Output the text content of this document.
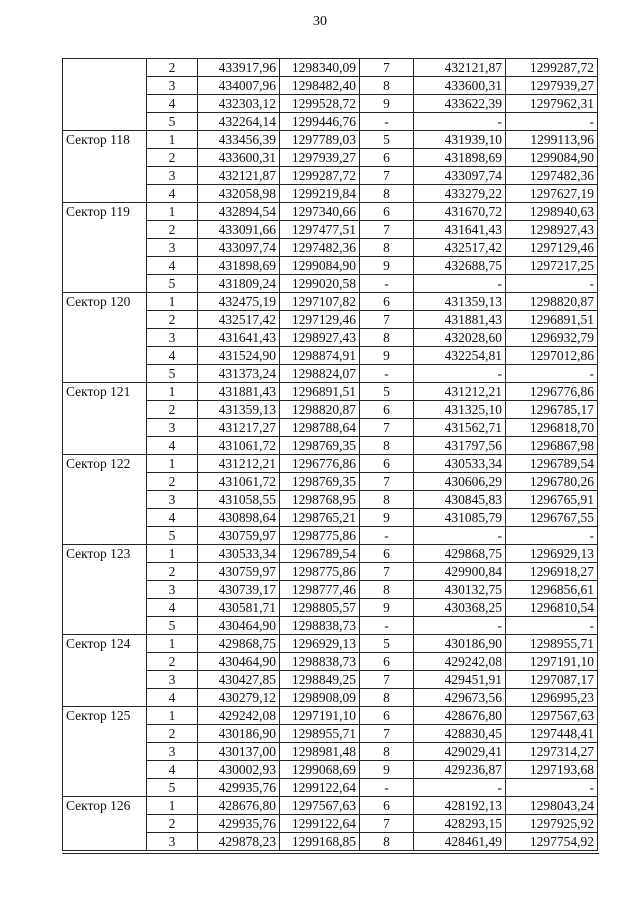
30
	2	433917,96	1298340,09	7	432121,87	1299287,72
	3	434007,96	1298482,40	8	433600,31	1297939,27
	4	432303,12	1299528,72	9	433622,39	1297962,31
	5	432264,14	1299446,76	-	-	-
Сектор 118	1	433456,39	1297789,03	5	431939,10	1299113,96
	2	433600,31	1297939,27	6	431898,69	1299084,90
	3	432121,87	1299287,72	7	433097,74	1297482,36
	4	432058,98	1299219,84	8	433279,22	1297627,19
Сектор 119	1	432894,54	1297340,66	6	431670,72	1298940,63
	2	433091,66	1297477,51	7	431641,43	1298927,43
	3	433097,74	1297482,36	8	432517,42	1297129,46
	4	431898,69	1299084,90	9	432688,75	1297217,25
	5	431809,24	1299020,58	-	-	-
Сектор 120	1	432475,19	1297107,82	6	431359,13	1298820,87
	2	432517,42	1297129,46	7	431881,43	1296891,51
	3	431641,43	1298927,43	8	432028,60	1296932,79
	4	431524,90	1298874,91	9	432254,81	1297012,86
	5	431373,24	1298824,07	-	-	-
Сектор 121	1	431881,43	1296891,51	5	431212,21	1296776,86
	2	431359,13	1298820,87	6	431325,10	1296785,17
	3	431217,27	1298788,64	7	431562,71	1296818,70
	4	431061,72	1298769,35	8	431797,56	1296867,98
Сектор 122	1	431212,21	1296776,86	6	430533,34	1296789,54
	2	431061,72	1298769,35	7	430606,29	1296780,26
	3	431058,55	1298768,95	8	430845,83	1296765,91
	4	430898,64	1298765,21	9	431085,79	1296767,55
	5	430759,97	1298775,86	-	-	-
Сектор 123	1	430533,34	1296789,54	6	429868,75	1296929,13
	2	430759,97	1298775,86	7	429900,84	1296918,27
	3	430739,17	1298777,46	8	430132,75	1296856,61
	4	430581,71	1298805,57	9	430368,25	1296810,54
	5	430464,90	1298838,73	-	-	-
Сектор 124	1	429868,75	1296929,13	5	430186,90	1298955,71
	2	430464,90	1298838,73	6	429242,08	1297191,10
	3	430427,85	1298849,25	7	429451,91	1297087,17
	4	430279,12	1298908,09	8	429673,56	1296995,23
Сектор 125	1	429242,08	1297191,10	6	428676,80	1297567,63
	2	430186,90	1298955,71	7	428830,45	1297448,41
	3	430137,00	1298981,48	8	429029,41	1297314,27
	4	430002,93	1299068,69	9	429236,87	1297193,68
	5	429935,76	1299122,64	-	-	-
Сектор 126	1	428676,80	1297567,63	6	428192,13	1298043,24
	2	429935,76	1299122,64	7	428293,15	1297925,92
	3	429878,23	1299168,85	8	428461,49	1297754,92
